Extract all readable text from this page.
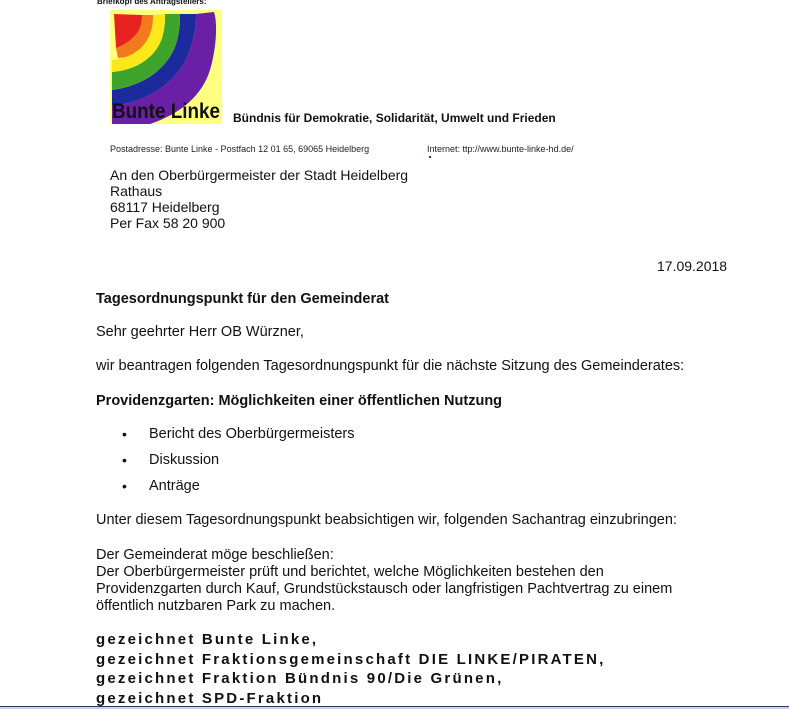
Briefkopf des Antragstellers:
Bunte Linke Bündnis für Demokratie, Solidarität, Umwelt und Frieden
Postadresse: Bunte Linke - Postfach 12 01 65, 69065 Heidelberg	Internet: ttp://www.bunte-linke-hd.de/
An den Oberbürgermeister der Stadt Heidelberg
Rathaus
68117 Heidelberg
Per Fax 58 20 900
17.09.2018
Tagesordnungspunkt für den Gemeinderat
Sehr geehrter Herr OB Würzner,
wir beantragen folgenden Tagesordnungspunkt für die nächste Sitzung des Gemeinderates:
Providenzgarten: Möglichkeiten einer öffentlichen Nutzung
•	Bericht des Oberbürgermeisters
•	Diskussion
•	Anträge
Unter diesem Tagesordnungspunkt beabsichtigen wir, folgenden Sachantrag einzubringen:
Der Gemeinderat möge beschließen:
Der Oberbürgermeister prüft und berichtet, welche Möglichkeiten bestehen den
Providenzgarten durch Kauf, Grundstückstausch oder langfristigen Pachtvertrag zu einem
öffentlich nutzbaren Park zu machen.
gezeichnet Bunte Linke,
gezeichnet Fraktionsgemeinschaft DIE LINKE/PIRATEN,
gezeichnet Fraktion Bündnis 90/Die Grünen,
gezeichnet SPD-Fraktion
